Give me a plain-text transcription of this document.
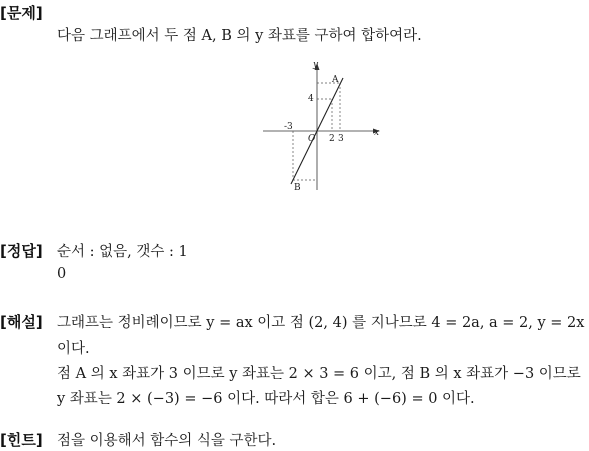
[문제]
다음 그래프에서 두 점 A, B 의 y 좌표를 구하여 합하여라.
x
y
-3
O 2 3
4
A
B
[정답] 순서 : 없음, 갯수 : 1
0
[해설] 그래프는 정비례이므로 y = ax 이고 점 (2, 4) 를 지나므로 4 = 2a, a = 2, y = 2x
이다.
점 A 의 x 좌표가 3 이므로 y 좌표는 2 × 3 = 6 이고, 점 B 의 x 좌표가 −3 이므로
y 좌표는 2 × (−3) = −6 이다. 따라서 합은 6 + (−6) = 0 이다.
[힌트] 점을 이용해서 함수의 식을 구한다.
